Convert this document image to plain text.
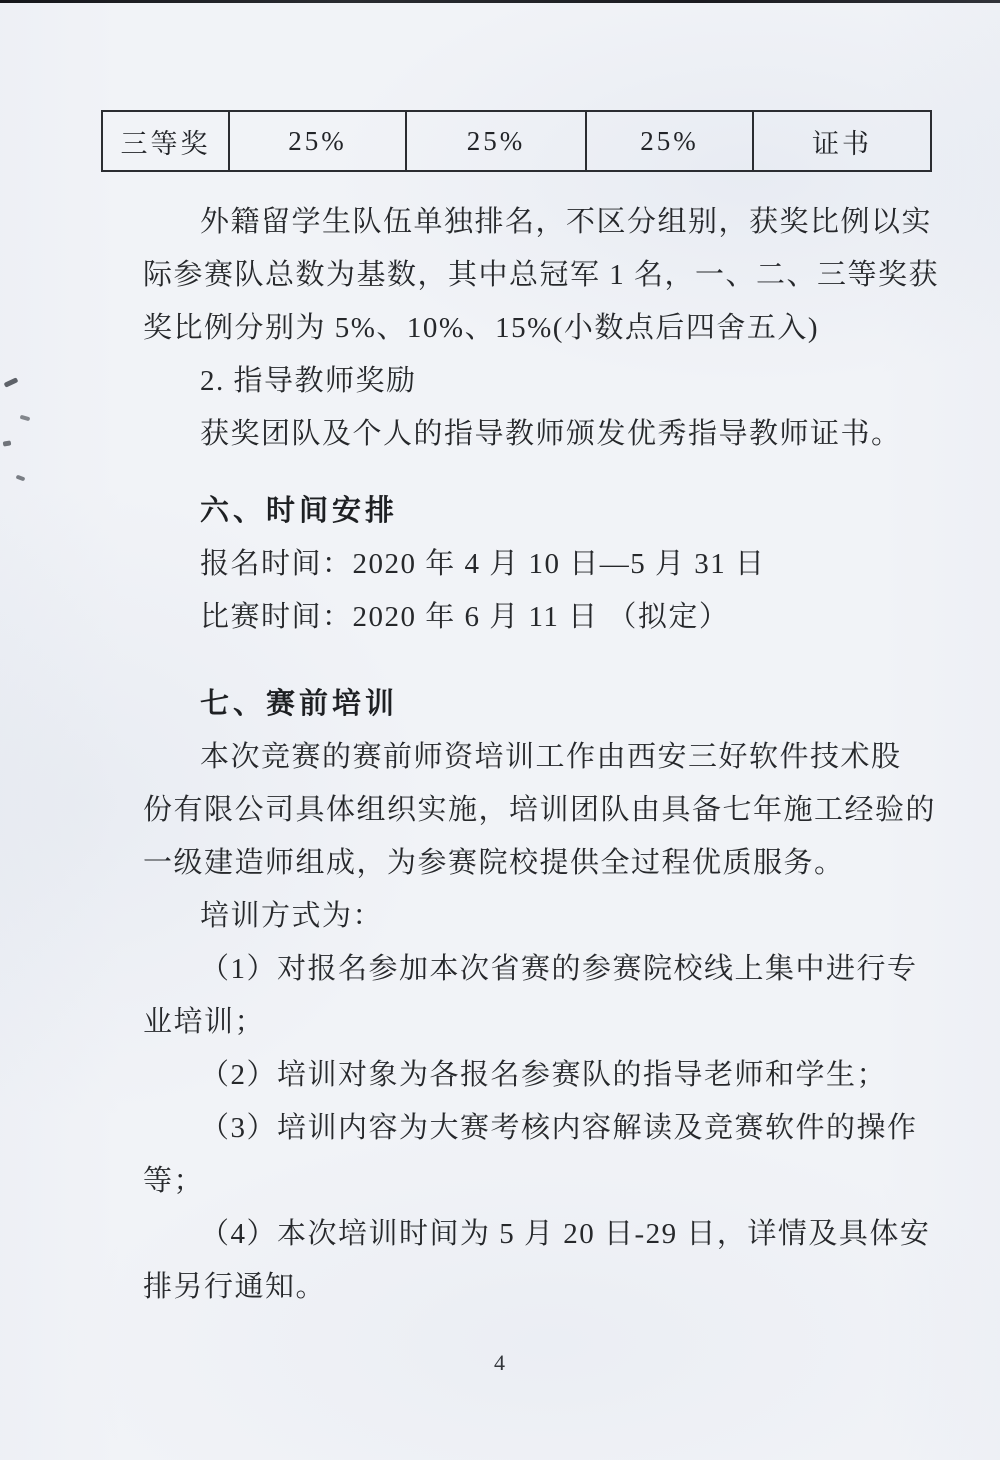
三等奖	25%	25%	25%	证书
外籍留学生队伍单独排名，不区分组别，获奖比例以实
际参赛队总数为基数，其中总冠军 1 名，一、二、三等奖获
奖比例分别为 5%、10%、15%(小数点后四舍五入)
2. 指导教师奖励
获奖团队及个人的指导教师颁发优秀指导教师证书。
六、时间安排
报名时间：2020 年 4 月 10 日—5 月 31 日
比赛时间：2020 年 6 月 11 日 （拟定）
七、赛前培训
本次竞赛的赛前师资培训工作由西安三好软件技术股
份有限公司具体组织实施，培训团队由具备七年施工经验的
一级建造师组成，为参赛院校提供全过程优质服务。
培训方式为：
（1）对报名参加本次省赛的参赛院校线上集中进行专
业培训；
（2）培训对象为各报名参赛队的指导老师和学生；
（3）培训内容为大赛考核内容解读及竞赛软件的操作
等；
（4）本次培训时间为 5 月 20 日-29 日，详情及具体安
排另行通知。
4
